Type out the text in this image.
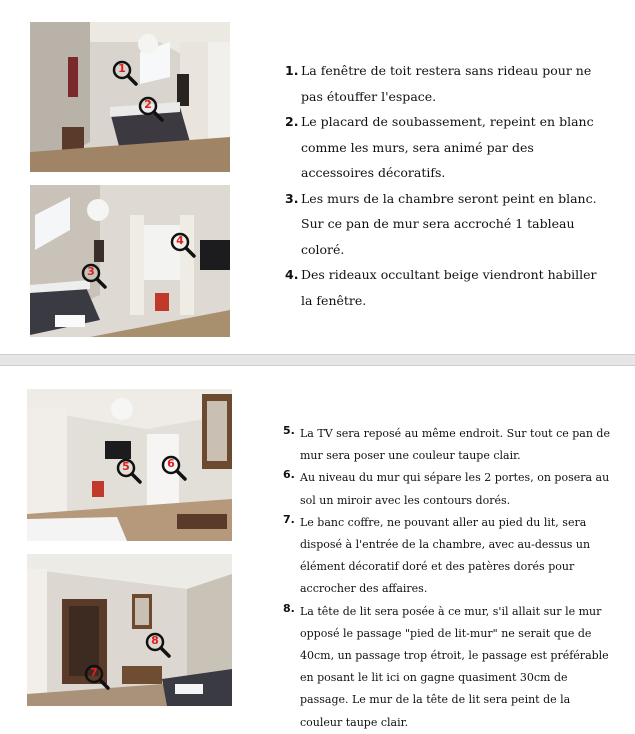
1
2
4
3
1. La fenêtre de toit restera sans rideau pour ne pas étouffer l'espace.
2. Le placard de soubassement, repeint en blanc comme les murs, sera animé par des accessoires décoratifs.
3. Les murs de la chambre seront peint en blanc. Sur ce pan de mur sera accroché 1 tableau coloré.
4. Des rideaux occultant beige viendront habiller la fenêtre.
5	6
8
7
5. La TV sera reposé au même endroit. Sur tout ce pan de mur sera poser une couleur taupe clair.
6. Au niveau du mur qui sépare les 2 portes, on posera au sol un miroir avec les contours dorés.
7. Le banc coffre, ne pouvant aller au pied du lit, sera disposé à l'entrée de la chambre, avec au-dessus un élément décoratif doré et des patères dorés pour accrocher des affaires.
8. La tête de lit sera posée à ce mur, s'il allait sur le mur opposé le passage "pied de lit-mur" ne serait que de 40cm, un passage trop étroit, le passage est préférable en posant le lit ici on gagne quasiment 30cm de passage. Le mur de la tête de lit sera peint de la couleur taupe clair.
